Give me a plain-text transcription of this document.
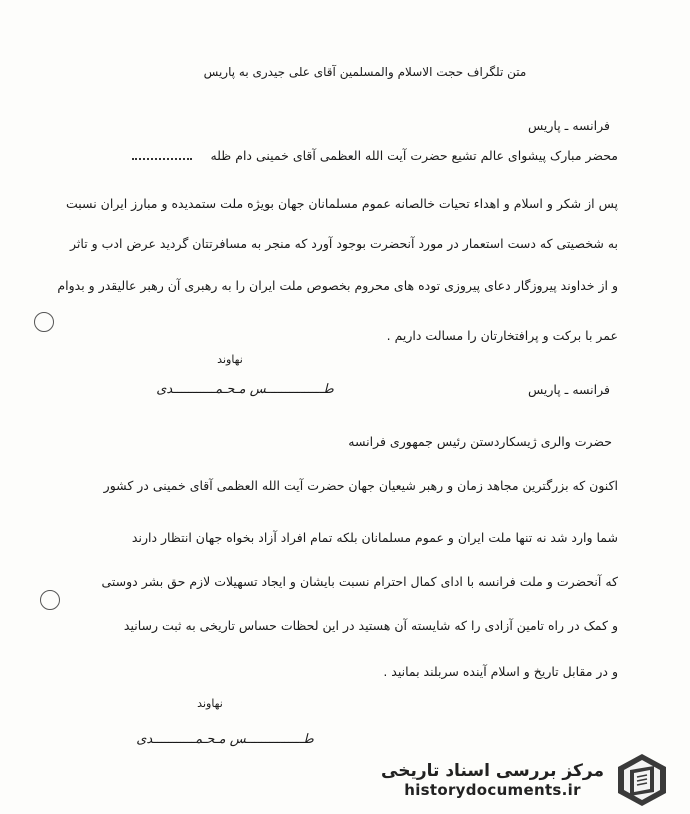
متن تلگراف حجت الاسلام والمسلمین آقای علی جیدری به پاریس
فرانسه ـ پاریس
محضر مبارک پیشوای عالم تشیع حضرت آیت الله العظمی آقای خمینی دام ظله
پس از شکر و اسلام و اهداء تحیات خالصانه عموم مسلمانان جهان بویژه ملت ستمدیده و مبارز ایران نسبت
به شخصیتی که دست استعمار در مورد آنحضرت بوجود آورد که منجر به مسافرتتان گردید عرض ادب و تاثر
و از خداوند پیروزگار دعای پیروزی توده های محروم بخصوص ملت ایران را به رهبری آن رهبر عالیقدر و بدوام
عمر با برکت و پرافتخارتان را مسالت داریم .
نهاوند
طـــــــــــــــس مـحـمـــــــــــدی	فرانسه ـ پاریس
حضرت والری ژیسکاردستن رئیس جمهوری فرانسه
اکنون که بزرگترین مجاهد زمان و رهبر شیعیان جهان حضرت آیت الله العظمی آقای خمینی در کشور
شما وارد شد نه تنها ملت ایران و عموم مسلمانان بلکه تمام افراد آزاد بخواه جهان انتظار دارند
که آنحضرت و ملت فرانسه با ادای کمال احترام نسبت بایشان و ایجاد تسهیلات لازم حق بشر دوستی
و کمک در راه تامین آزادی را که شایسته آن هستید در این لحظات حساس تاریخی به ثبت رسانید
و در مقابل تاریخ و اسلام آینده سربلند بمانید .
نهاوند
طـــــــــــــــس مـحـمـــــــــــدی
مرکز بررسی اسناد تاریخی
historydocuments.ir
